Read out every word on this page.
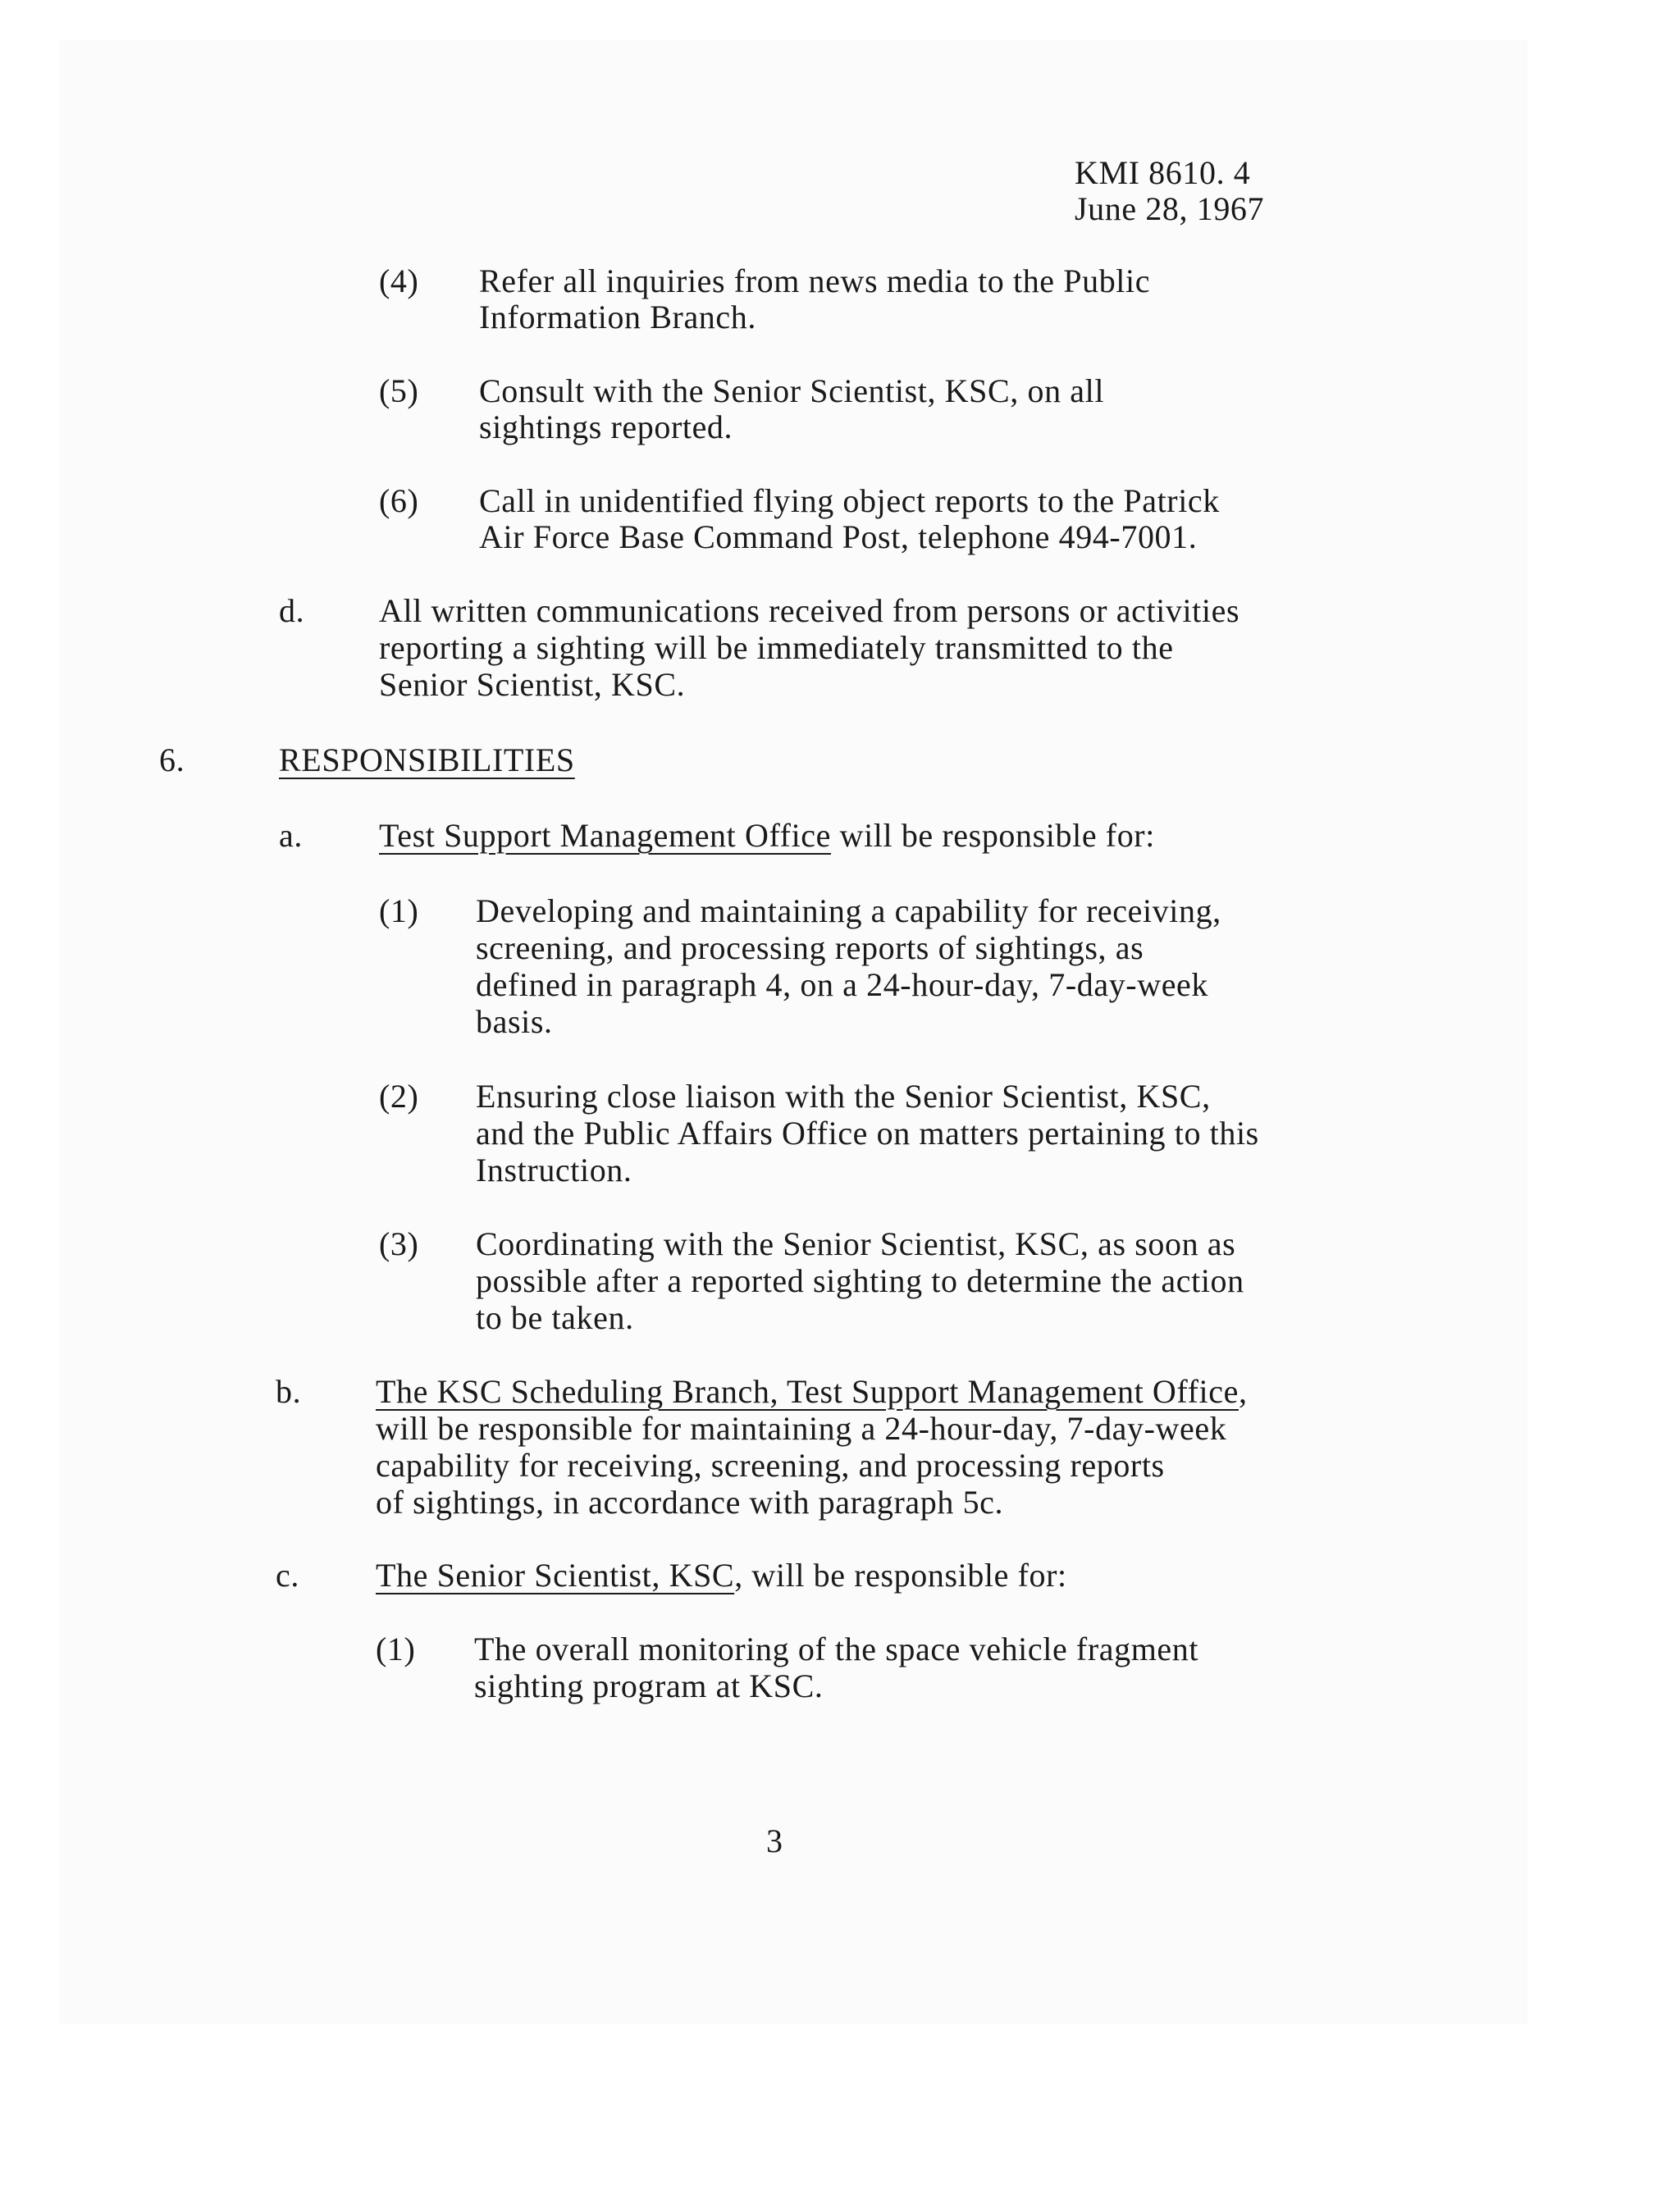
KMI 8610. 4

June 28, 1967

(4) Refer all inquiries from news media to the Public

Information Branch.

(5) Consult with the Senior Scientist, KSC, on all

sightings reported.

(6) Call in unidentified flying object reports to the Patrick

Air Force Base Command Post, telephone 494-7001.

d. All written communications received from persons or activities

reporting a sighting will be immediately transmitted to the

Senior Scientist, KSC.

6.	RESPONSIBILITIES

a. Test Support Management Office will be responsible for:

(1) Developing and maintaining a capability for receiving,

screening, and processing reports of sightings, as

defined in paragraph 4, on a 24-hour-day, 7-day-week

basis.

(2) Ensuring close liaison with the Senior Scientist, KSC,

and the Public Affairs Office on matters pertaining to this

Instruction.

(3) Coordinating with the Senior Scientist, KSC, as soon as

possible after a reported sighting to determine the action

to be taken.

b. The KSC Scheduling Branch, Test Support Management Office,

will be responsible for maintaining a 24-hour-day, 7-day-week

capability for receiving, screening, and processing reports

of sightings, in accordance with paragraph 5c.

c. The Senior Scientist, KSC, will be responsible for:

(1) The overall monitoring of the space vehicle fragment

sighting program at KSC.

3
